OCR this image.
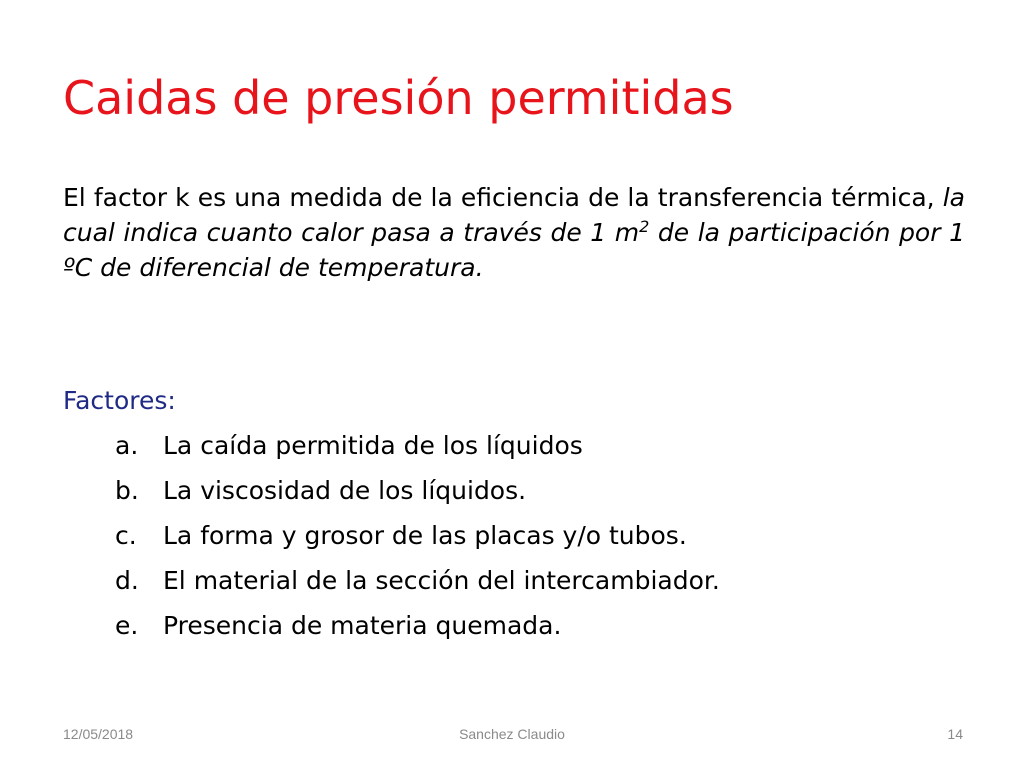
Caidas de presión permitidas

El factor k es una medida de la eficiencia de la transferencia térmica, la cual indica cuanto calor pasa a través de 1 $m^2$ de la participación por 1 ºC de diferencial de temperatura.

Factores:

a. La caída permitida de los líquidos
b. La viscosidad de los líquidos.
c.	La forma y grosor de las placas y/o tubos.
d. El material de la sección del intercambiador.
e. Presencia de materia quemada.
12/05/2018	Sanchez Claudio	14
